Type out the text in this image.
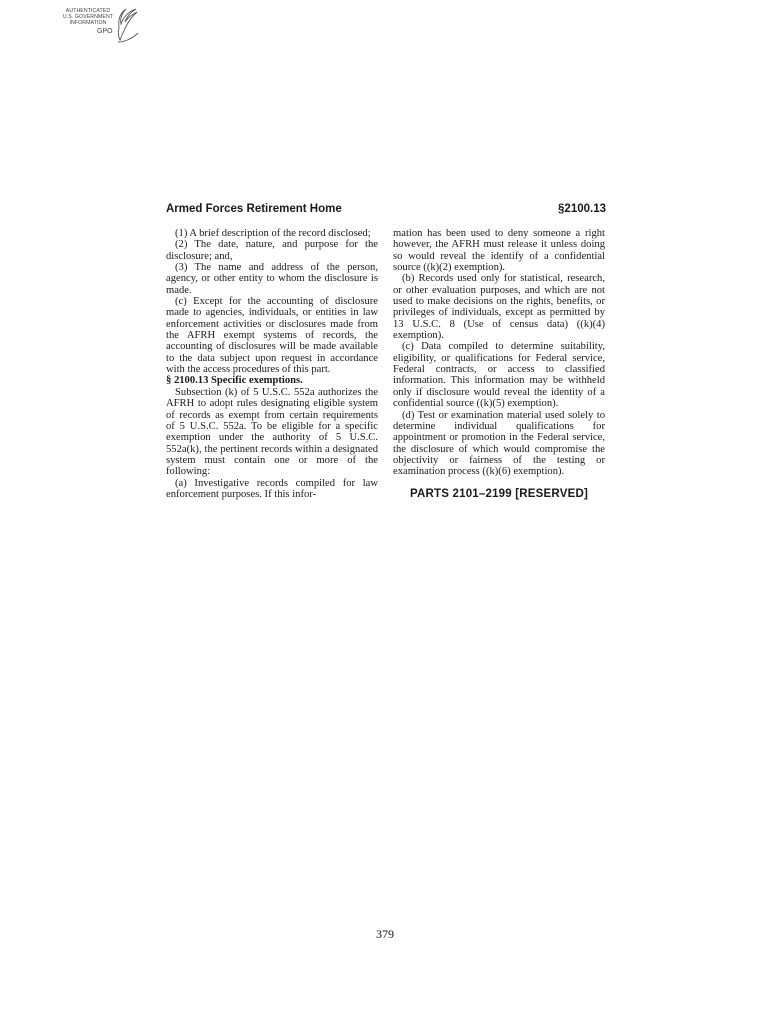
AUTHENTICATED
U.S. GOVERNMENT
INFORMATION
GPO
Armed Forces Retirement Home	§2100.13

(1) A brief description of the record disclosed;

(2) The date, nature, and purpose for the disclosure; and,

(3) The name and address of the person, agency, or other entity to whom the disclosure is made.

(c) Except for the accounting of disclosure made to agencies, individuals, or entities in law enforcement activities or disclosures made from the AFRH exempt systems of records, the accounting of disclosures will be made available to the data subject upon request in accordance with the access procedures of this part.

§ 2100.13 Specific exemptions.

Subsection (k) of 5 U.S.C. 552a authorizes the AFRH to adopt rules designating eligible system of records as exempt from certain requirements of 5 U.S.C. 552a. To be eligible for a specific exemption under the authority of 5 U.S.C. 552a(k), the pertinent records within a designated system must contain one or more of the following:

(a) Investigative records compiled for law enforcement purposes. If this infor-

mation has been used to deny someone a right however, the AFRH must release it unless doing so would reveal the identify of a confidential source ((k)(2) exemption).

(b) Records used only for statistical, research, or other evaluation purposes, and which are not used to make decisions on the rights, benefits, or privileges of individuals, except as permitted by 13 U.S.C. 8 (Use of census data) ((k)(4) exemption).

(c) Data compiled to determine suitability, eligibility, or qualifications for Federal service, Federal contracts, or access to classified information. This information may be withheld only if disclosure would reveal the identity of a confidential source ((k)(5) exemption).

(d) Test or examination material used solely to determine individual qualifications for appointment or promotion in the Federal service, the disclosure of which would compromise the objectivity or fairness of the testing or examination process ((k)(6) exemption).

PARTS 2101–2199 [RESERVED]
379
